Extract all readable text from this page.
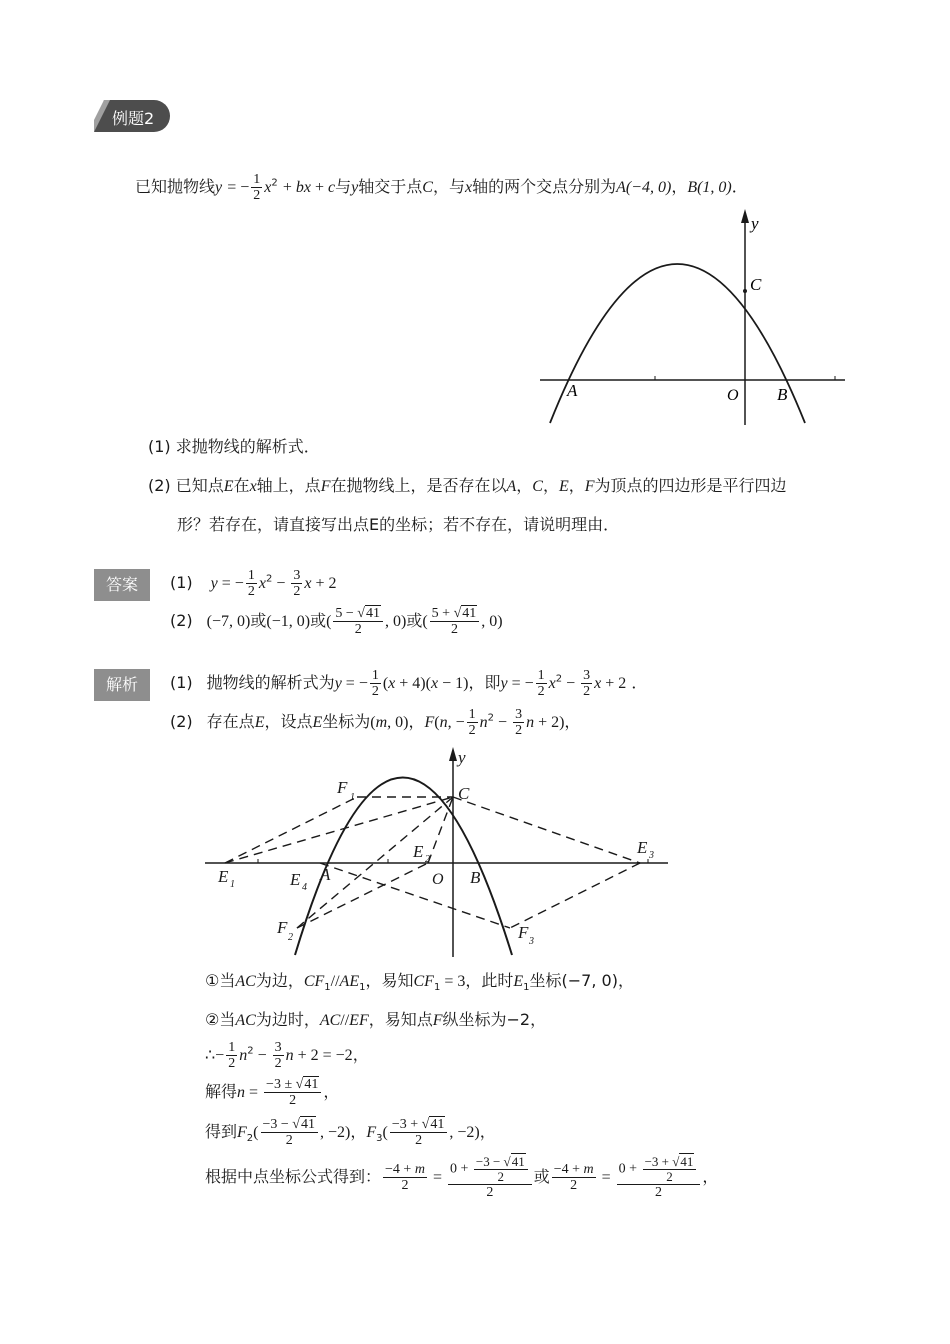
例题2
已知抛物线y = − $\frac{1}{2} x^2$ + bx + c与y轴交于点C，与x轴的两个交点分别为A(−4, 0)，B(1, 0)．
y
C
A	O B
(1) 求抛物线的解析式．
(2) 已知点E在x轴上，点F在抛物线上，是否存在以A，C，E，F为顶点的四边形是平行四边
形？若存在，请直接写出点E的坐标；若不存在，请说明理由．
答案	(1) y = − $\frac{1}{2} x^2 - \frac{3}{2}$ x + 2
(2) (−7, 0)或(−1, 0)或( $\frac{5 - √41}{2}$ , 0)或( $\frac{5 + √41}{2}$ , 0)
解析	(1) 抛物线的解析式为y = − $\frac{1}{2} (x + 4)(x - 1)$，即y = − $\frac{1}{2} x^2 - \frac{3}{2}$ x + 2 ．
(2) 存在点E，设点E坐标为(m, 0)，F(n, − $\frac{1}{2} n^2 - \frac{3}{2}$ n + 2)，
y
F
1	C
E 2
E 3
E 1	E 4
A	O B
F
2	F 3
①当AC为边，$CF_1//AE_1$，易知$CF_1 = 3$，此时$E_1$坐标(−7, 0)，
②当AC为边时，AC//EF，易知点F纵坐标为−2，
∴− $\frac{1}{2} n^2 - \frac{3}{2}$ n + 2 = −2，
解得$n = \frac{-3 \pm √41}{2}$ ，
得到$F_2( \frac{-3 - √41}{2}$ , −2)，$F_3( \frac{-3 + √41}{2}$ , −2)，
根据中点坐标公式得到： $\frac{-4 + m}{2} = \frac{0 + \frac{-3 - √41}{2}}{2}$ 或 $\frac{-4 + m}{2} = \frac{0 + \frac{-3 + √41}{2}}{2}$ ，
